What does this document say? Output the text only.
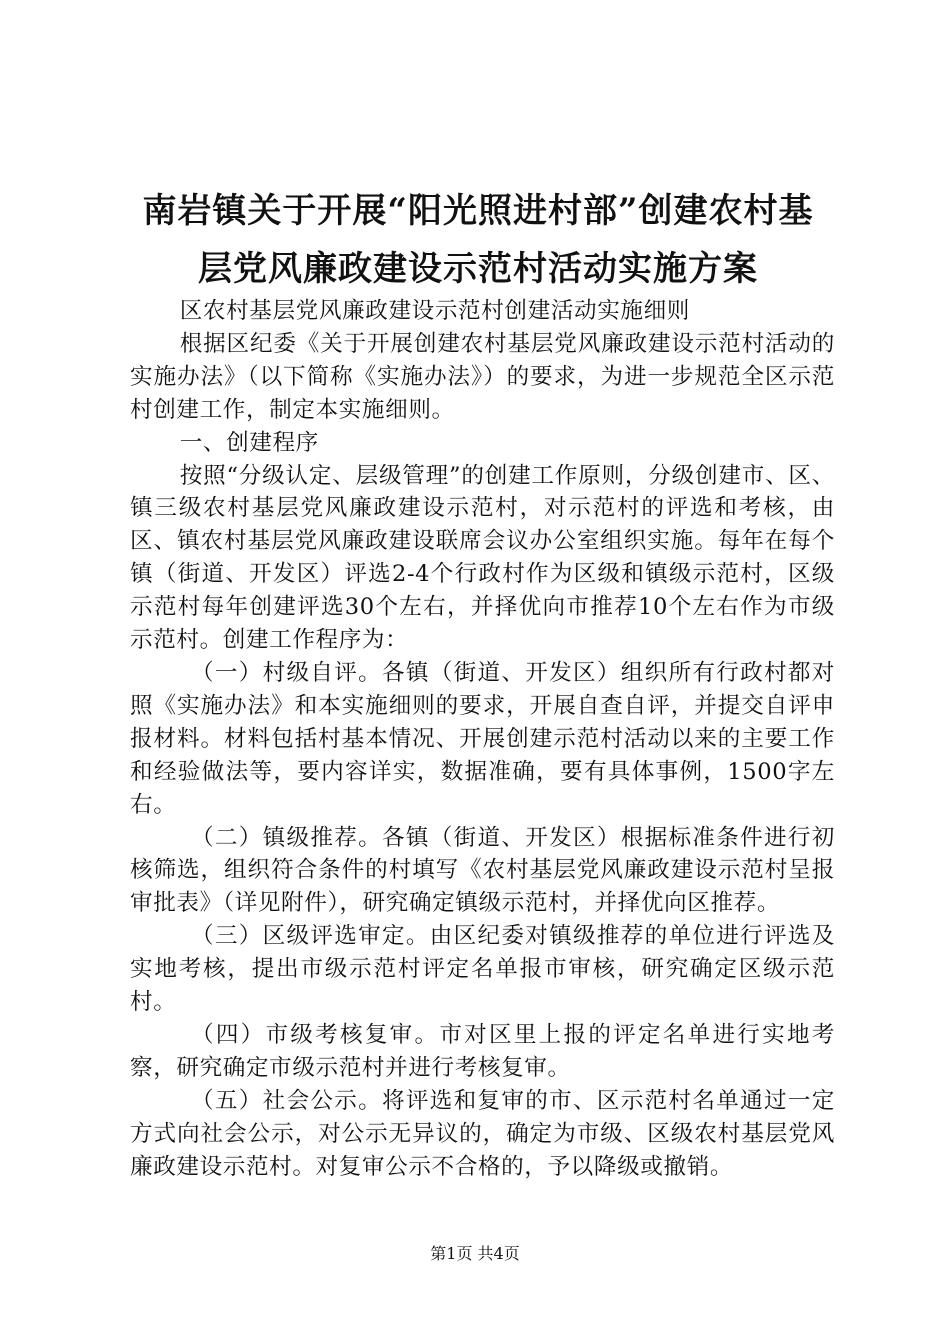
南岩镇关于开展“阳光照进村部”创建农村基
层党风廉政建设示范村活动实施方案

区农村基层党风廉政建设示范村创建活动实施细则

根据区纪委《关于开展创建农村基层党风廉政建设示范村活动的实施办法》（以下简称《实施办法》）的要求，为进一步规范全区示范村创建工作，制定本实施细则。

一、创建程序

按照“分级认定、层级管理”的创建工作原则，分级创建市、区、镇三级农村基层党风廉政建设示范村，对示范村的评选和考核，由区、镇农村基层党风廉政建设联席会议办公室组织实施。每年在每个镇（街道、开发区）评选2-4个行政村作为区级和镇级示范村，区级示范村每年创建评选30个左右，并择优向市推荐10个左右作为市级示范村。创建工作程序为：

（一）村级自评。各镇（街道、开发区）组织所有行政村都对照《实施办法》和本实施细则的要求，开展自查自评，并提交自评申报材料。材料包括村基本情况、开展创建示范村活动以来的主要工作和经验做法等，要内容详实，数据准确，要有具体事例，1500字左右。

（二）镇级推荐。各镇（街道、开发区）根据标准条件进行初核筛选，组织符合条件的村填写《农村基层党风廉政建设示范村呈报审批表》（详见附件），研究确定镇级示范村，并择优向区推荐。

（三）区级评选审定。由区纪委对镇级推荐的单位进行评选及实地考核，提出市级示范村评定名单报市审核，研究确定区级示范村。

（四）市级考核复审。市对区里上报的评定名单进行实地考察，研究确定市级示范村并进行考核复审。

（五）社会公示。将评选和复审的市、区示范村名单通过一定方式向社会公示，对公示无异议的，确定为市级、区级农村基层党风廉政建设示范村。对复审公示不合格的，予以降级或撤销。

第1页 共4页
